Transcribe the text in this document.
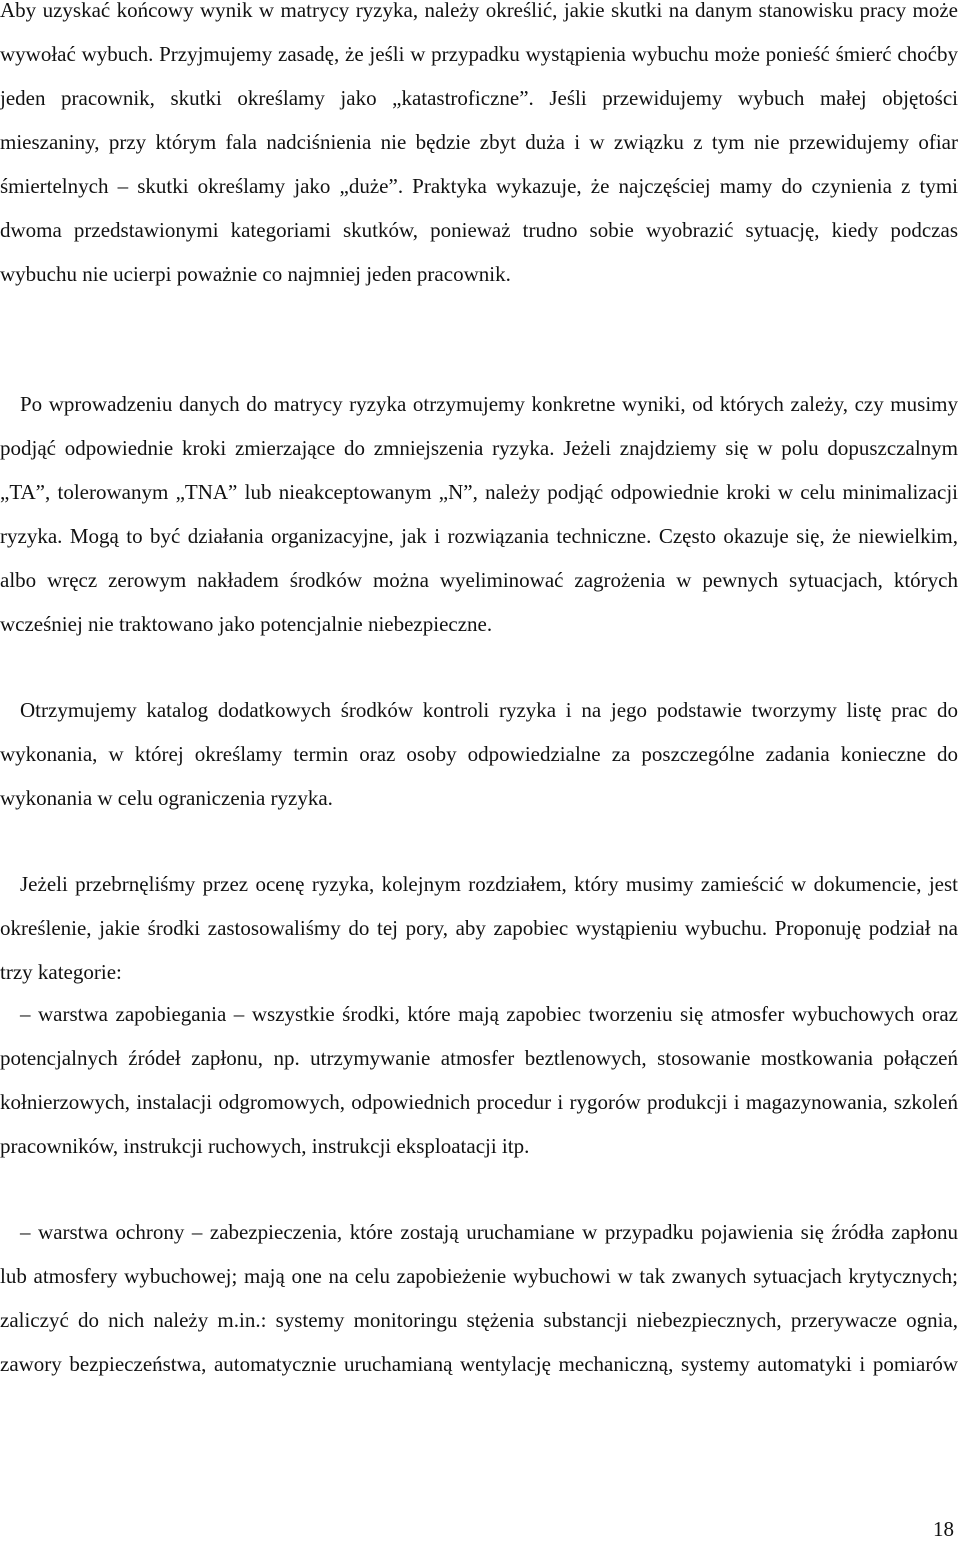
Aby uzyskać końcowy wynik w matrycy ryzyka, należy określić, jakie skutki na danym stanowisku pracy może wywołać wybuch. Przyjmujemy zasadę, że jeśli w przypadku wystąpienia wybuchu może ponieść śmierć choćby jeden pracownik, skutki określamy jako „katastroficzne”. Jeśli przewidujemy wybuch małej objętości mieszaniny, przy którym fala nadciśnienia nie będzie zbyt duża i w związku z tym nie przewidujemy ofiar śmiertelnych – skutki określamy jako „duże”. Praktyka wykazuje, że najczęściej mamy do czynienia z tymi dwoma przedstawionymi kategoriami skutków, ponieważ trudno sobie wyobrazić sytuację, kiedy podczas wybuchu nie ucierpi poważnie co najmniej jeden pracownik.

Po wprowadzeniu danych do matrycy ryzyka otrzymujemy konkretne wyniki, od których zależy, czy musimy podjąć odpowiednie kroki zmierzające do zmniejszenia ryzyka. Jeżeli znajdziemy się w polu dopuszczalnym „TA”, tolerowanym „TNA” lub nieakceptowanym „N”, należy podjąć odpowiednie kroki w celu minimalizacji ryzyka. Mogą to być działania organizacyjne, jak i rozwiązania techniczne. Często okazuje się, że niewielkim, albo wręcz zerowym nakładem środków można wyeliminować zagrożenia w pewnych sytuacjach, których wcześniej nie traktowano jako potencjalnie niebezpieczne.

Otrzymujemy katalog dodatkowych środków kontroli ryzyka i na jego podstawie tworzymy listę prac do wykonania, w której określamy termin oraz osoby odpowiedzialne za poszczególne zadania konieczne do wykonania w celu ograniczenia ryzyka.

Jeżeli przebrnęliśmy przez ocenę ryzyka, kolejnym rozdziałem, który musimy zamieścić w dokumencie, jest określenie, jakie środki zastosowaliśmy do tej pory, aby zapobiec wystąpieniu wybuchu. Proponuję podział na trzy kategorie:

– warstwa zapobiegania – wszystkie środki, które mają zapobiec tworzeniu się atmosfer wybuchowych oraz potencjalnych źródeł zapłonu, np. utrzymywanie atmosfer beztlenowych, stosowanie mostkowania połączeń kołnierzowych, instalacji odgromowych, odpowiednich procedur i rygorów produkcji i magazynowania, szkoleń pracowników, instrukcji ruchowych, instrukcji eksploatacji itp.

– warstwa ochrony – zabezpieczenia, które zostają uruchamiane w przypadku pojawienia się źródła zapłonu lub atmosfery wybuchowej; mają one na celu zapobieżenie wybuchowi w tak zwanych sytuacjach krytycznych; zaliczyć do nich należy m.in.: systemy monitoringu stężenia substancji niebezpiecznych, przerywacze ognia, zawory bezpieczeństwa, automatycznie uruchamianą wentylację mechaniczną, systemy automatyki i pomiarów

18
